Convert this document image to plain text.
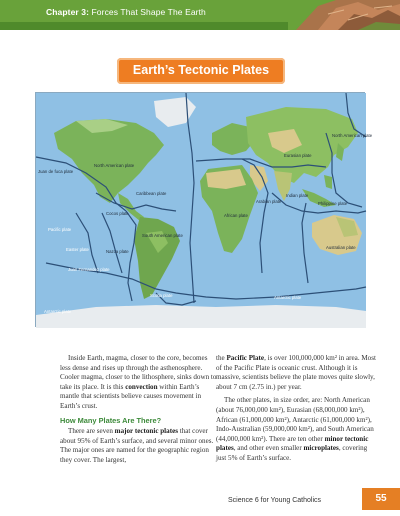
Chapter 3: Forces That Shape The Earth
Earth’s Tectonic Plates
North American plate
Juan de fuca plate
North American plate
Eurasian plate
Caribbean plate
Cocos plate
Pacific plate
African plate
Arabian plate
Indian plate
Philippine plate
South American plate
Nazca plate
Easter plate
Juan Fernandez plate
Australian plate
Scotia plate
Antarctic plate
Antarctic plate

Inside Earth, magma, closer to the core, becomes less dense and rises up through the asthenosphere. Cooler magma, closer to the lithosphere, sinks down to take its place. It is this convection within Earth’s mantle that scientists believe causes movement in Earth’s crust.

How Many Plates Are There?

There are seven major tectonic plates that cover about 95% of Earth’s surface, and several minor ones. The major ones are named for the geographic region they cover. The largest,

the Pacific Plate, is over 100,000,000 km² in area. Most of the Pacific Plate is oceanic crust. Although it is massive, scientists believe the plate moves quite slowly, about 7 cm (2.75 in.) per year.

The other plates, in size order, are: North American (about 76,000,000 km²), Eurasian (68,000,000 km²), African (61,000,000 km²), Antarctic (61,000,000 km²), Indo-Australian (59,000,000 km²), and South American (44,000,000 km²). There are ten other minor tectonic plates, and other even smaller microplates, covering just 5% of Earth’s surface.

Science 6 for Young Catholics	55
